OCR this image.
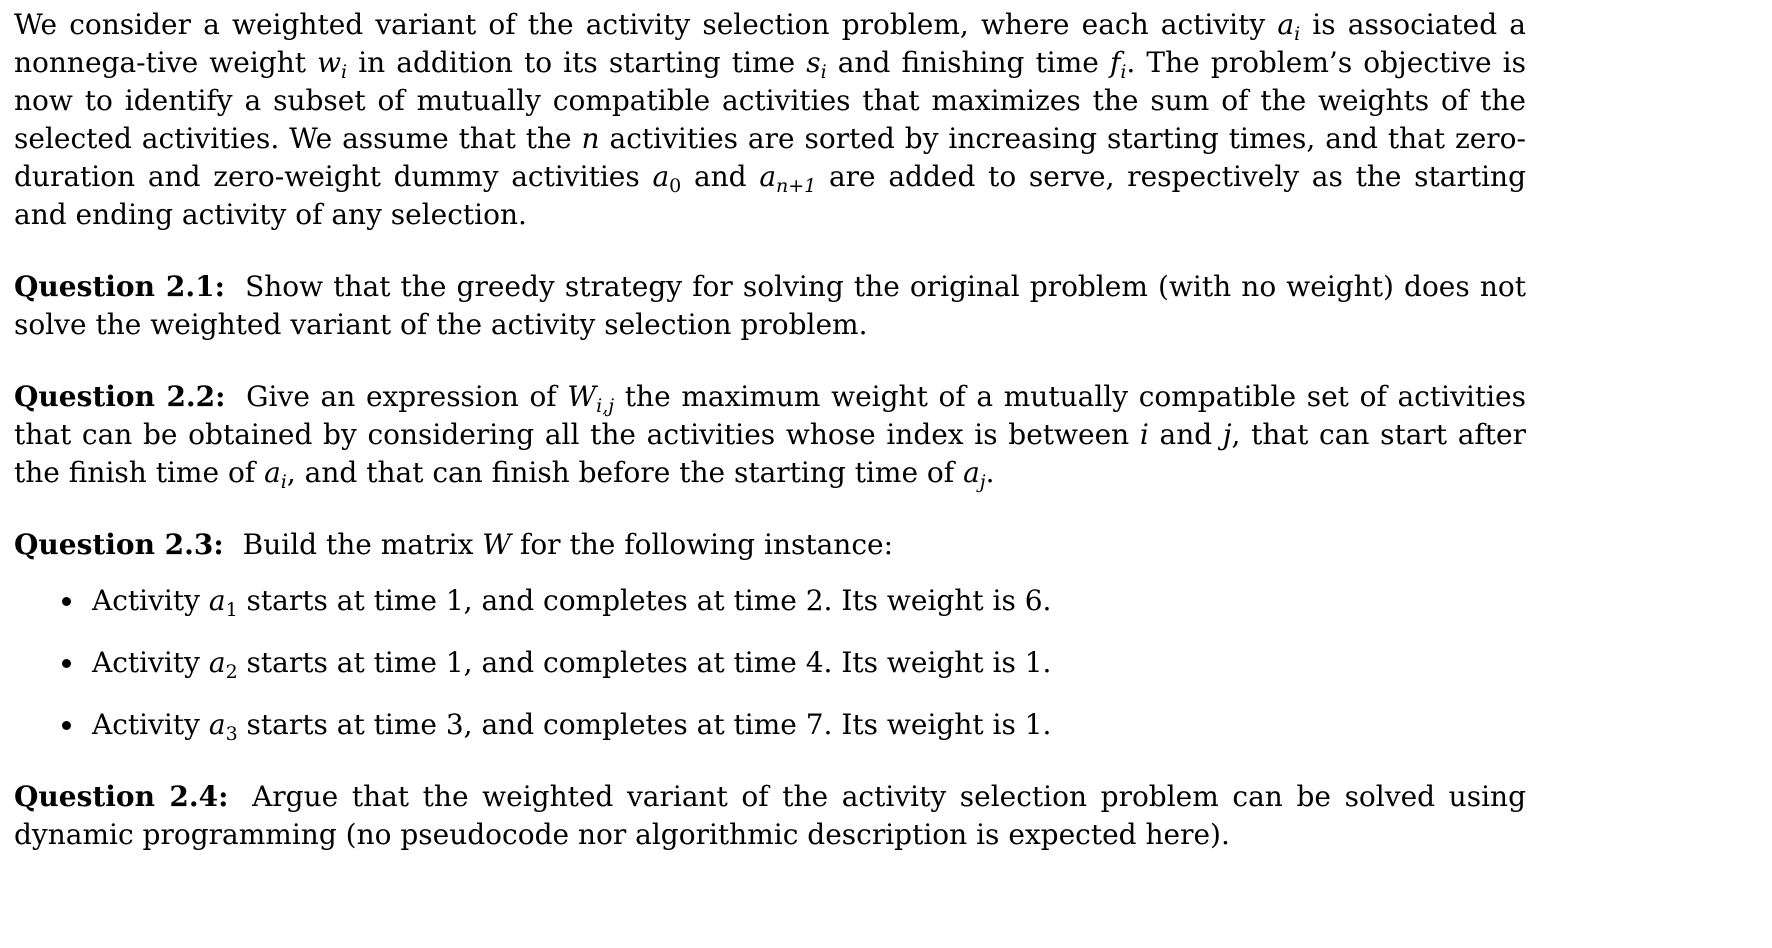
We consider a weighted variant of the activity selection problem, where each activity $a_i$ is associated a nonnega-tive weight $w_i$ in addition to its starting time $s_i$ and finishing time $f_i$. The problem’s objective is now to identify a subset of mutually compatible activities that maximizes the sum of the weights of the selected activities. We assume that the n activities are sorted by increasing starting times, and that zero-duration and zero-weight dummy activities $a_0$ and $a_{n+1}$ are added to serve, respectively as the starting and ending activity of any selection.

Question 2.1: Show that the greedy strategy for solving the original problem (with no weight) does not solve the weighted variant of the activity selection problem.

Question 2.2: Give an expression of $W_{i,j}$ the maximum weight of a mutually compatible set of activities that can be obtained by considering all the activities whose index is between i and j, that can start after the finish time of $a_i$, and that can finish before the starting time of $a_j$.

Question 2.3: Build the matrix W for the following instance:

Activity $a_1$ starts at time 1, and completes at time 2. Its weight is 6.
Activity $a_2$ starts at time 1, and completes at time 4. Its weight is 1.
Activity $a_3$ starts at time 3, and completes at time 7. Its weight is 1.

Question 2.4: Argue that the weighted variant of the activity selection problem can be solved using dynamic programming (no pseudocode nor algorithmic description is expected here).
